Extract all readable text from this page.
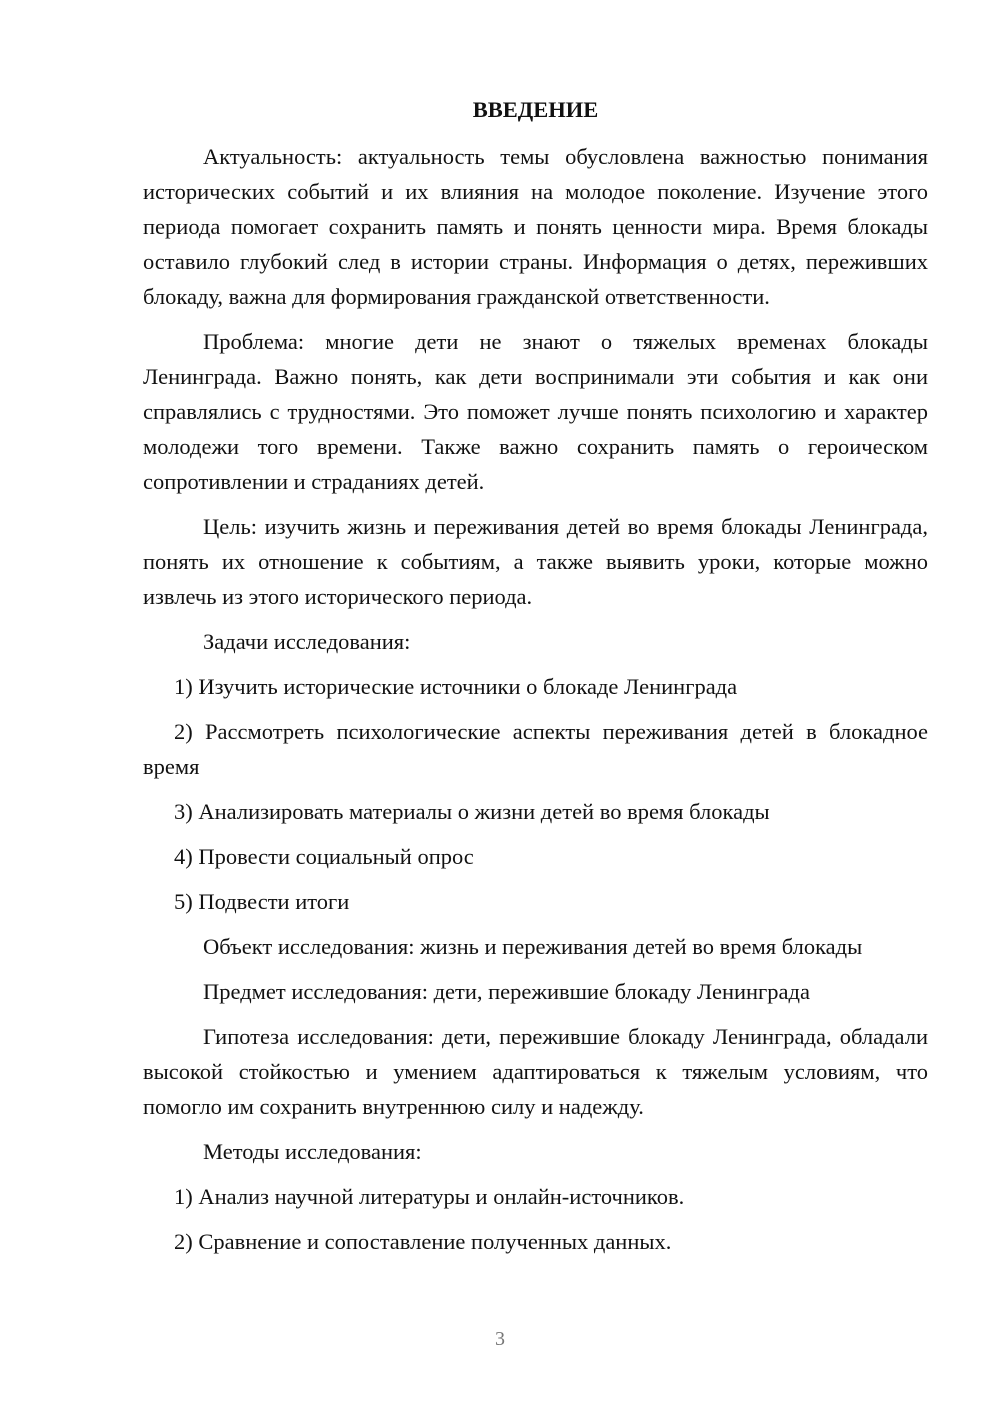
ВВЕДЕНИЕ

Актуальность: актуальность темы обусловлена важностью понимания исторических событий и их влияния на молодое поколение. Изучение этого периода помогает сохранить память и понять ценности мира. Время блокады оставило глубокий след в истории страны. Информация о детях, переживших блокаду, важна для формирования гражданской ответственности.

Проблема: многие дети не знают о тяжелых временах блокады Ленинграда. Важно понять, как дети воспринимали эти события и как они справлялись с трудностями. Это поможет лучше понять психологию и характер молодежи того времени. Также важно сохранить память о героическом сопротивлении и страданиях детей.

Цель: изучить жизнь и переживания детей во время блокады Ленинграда, понять их отношение к событиям, а также выявить уроки, которые можно извлечь из этого исторического периода.

Задачи исследования:

1) Изучить исторические источники о блокаде Ленинграда

2) Рассмотреть психологические аспекты переживания детей в блокадное время

3) Анализировать материалы о жизни детей во время блокады

4) Провести социальный опрос

5) Подвести итоги

Объект исследования: жизнь и переживания детей во время блокады

Предмет исследования: дети, пережившие блокаду Ленинграда

Гипотеза исследования: дети, пережившие блокаду Ленинграда, обладали высокой стойкостью и умением адаптироваться к тяжелым условиям, что помогло им сохранить внутреннюю силу и надежду.

Методы исследования:

1) Анализ научной литературы и онлайн-источников.

2) Сравнение и сопоставление полученных данных.

3
